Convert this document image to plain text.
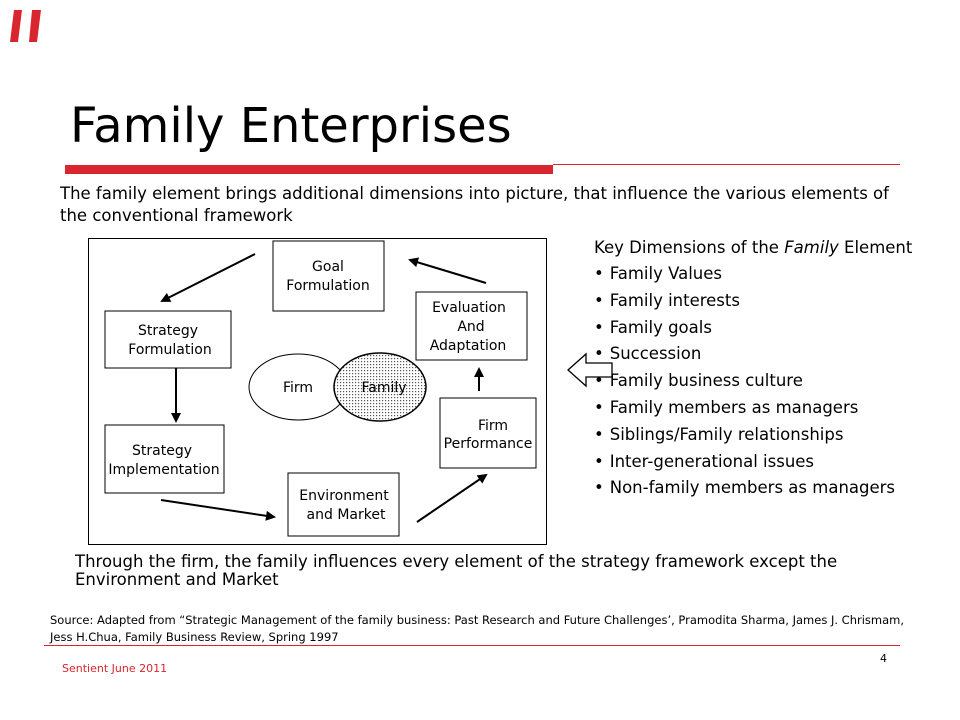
Family Enterprises
The family element brings additional dimensions into picture, that influence the various elements of the conventional framework
Goal
Formulation
Strategy
Formulation
Strategy
Implementation
Environment
and Market
Firm
Performance
Evaluation
And
Adaptation
Firm	Family
Key Dimensions of the Family Element
• Family Values
• Family interests
• Family goals
• Succession
• Family business culture
• Family members as managers
• Siblings/Family relationships
• Inter-generational issues
• Non-family members as managers
Through the firm, the family influences every element of the strategy framework except the Environment and Market
Source: Adapted from “Strategic Management of the family business: Past Research and Future Challenges’, Pramodita Sharma, James J. Chrismam, Jess H.Chua, Family Business Review, Spring 1997
Sentient June 2011
4
